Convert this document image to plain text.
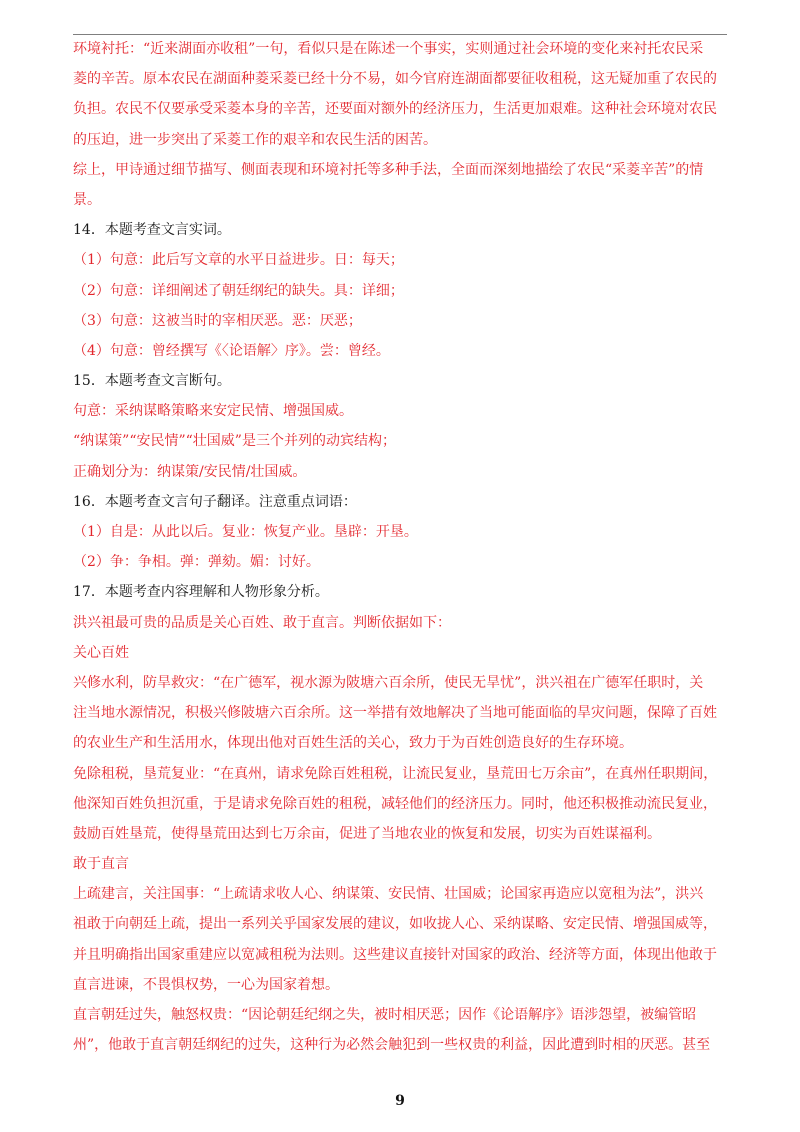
环境衬托：“近来湖面亦收租”一句，看似只是在陈述一个事实，实则通过社会环境的变化来衬托农民采
菱的辛苦。原本农民在湖面种菱采菱已经十分不易，如今官府连湖面都要征收租税，这无疑加重了农民的
负担。农民不仅要承受采菱本身的辛苦，还要面对额外的经济压力，生活更加艰难。这种社会环境对农民
的压迫，进一步突出了采菱工作的艰辛和农民生活的困苦。
综上，甲诗通过细节描写、侧面表现和环境衬托等多种手法，全面而深刻地描绘了农民“采菱辛苦”的情
景。
14．本题考查文言实词。
（1）句意：此后写文章的水平日益进步。日：每天；
（2）句意：详细阐述了朝廷纲纪的缺失。具：详细；
（3）句意：这被当时的宰相厌恶。恶：厌恶；
（4）句意：曾经撰写《〈论语解〉序》。尝：曾经。
15．本题考查文言断句。
句意：采纳谋略策略来安定民情、增强国威。
“纳谋策”“安民情”“壮国威”是三个并列的动宾结构；
正确划分为：纳谋策/安民情/壮国威。
16．本题考查文言句子翻译。注意重点词语：
（1）自是：从此以后。复业：恢复产业。垦辟：开垦。
（2）争：争相。弹：弹劾。媚：讨好。
17．本题考查内容理解和人物形象分析。
洪兴祖最可贵的品质是关心百姓、敢于直言。判断依据如下：
关心百姓
兴修水利，防旱救灾：“在广德军，视水源为陂塘六百余所，使民无旱忧”，洪兴祖在广德军任职时，关
注当地水源情况，积极兴修陂塘六百余所。这一举措有效地解决了当地可能面临的旱灾问题，保障了百姓
的农业生产和生活用水，体现出他对百姓生活的关心，致力于为百姓创造良好的生存环境。
免除租税，垦荒复业：“在真州，请求免除百姓租税，让流民复业，垦荒田七万余亩”，在真州任职期间，
他深知百姓负担沉重，于是请求免除百姓的租税，减轻他们的经济压力。同时，他还积极推动流民复业，
鼓励百姓垦荒，使得垦荒田达到七万余亩，促进了当地农业的恢复和发展，切实为百姓谋福利。
敢于直言
上疏建言，关注国事：“上疏请求收人心、纳谋策、安民情、壮国威；论国家再造应以宽租为法”，洪兴
祖敢于向朝廷上疏，提出一系列关乎国家发展的建议，如收拢人心、采纳谋略、安定民情、增强国威等，
并且明确指出国家重建应以宽减租税为法则。这些建议直接针对国家的政治、经济等方面，体现出他敢于
直言进谏，不畏惧权势，一心为国家着想。
直言朝廷过失，触怒权贵：“因论朝廷纪纲之失，被时相厌恶；因作《论语解序》语涉怨望，被编管昭
州”，他敢于直言朝廷纲纪的过失，这种行为必然会触犯到一些权贵的利益，因此遭到时相的厌恶。甚至
9
